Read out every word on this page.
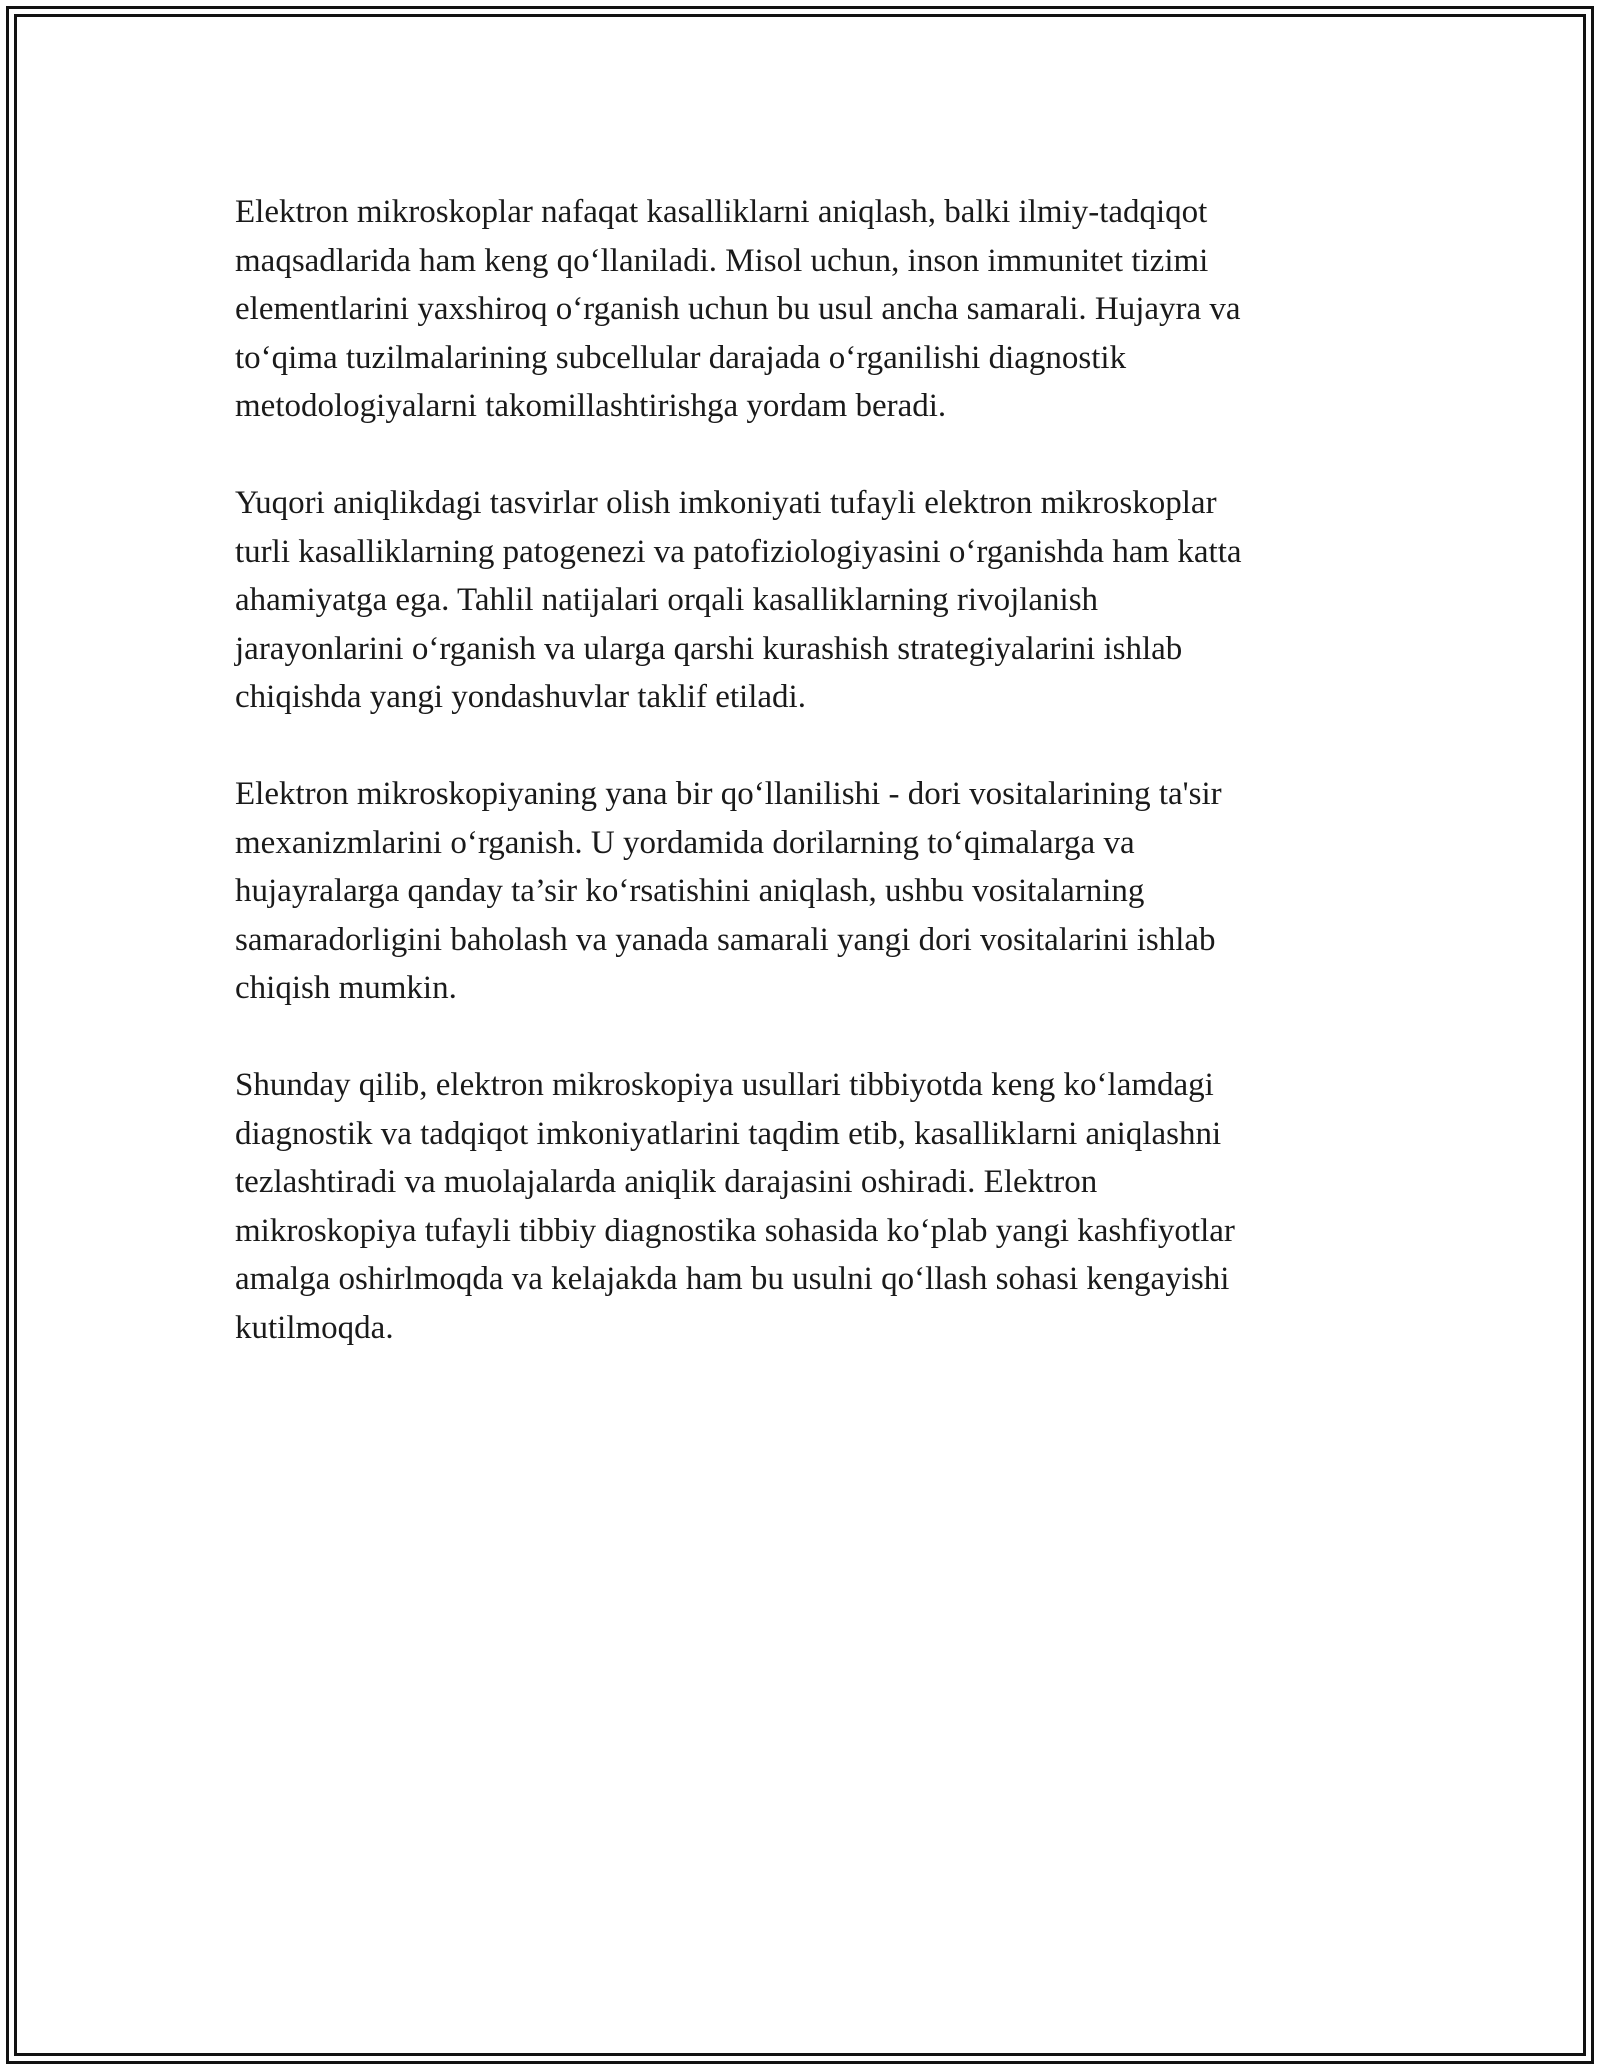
Elektron mikroskoplar nafaqat kasalliklarni aniqlash, balki ilmiy-tadqiqot
maqsadlarida ham keng qo‘llaniladi. Misol uchun, inson immunitet tizimi
elementlarini yaxshiroq o‘rganish uchun bu usul ancha samarali. Hujayra va
to‘qima tuzilmalarining subcellular darajada o‘rganilishi diagnostik
metodologiyalarni takomillashtirishga yordam beradi.

Yuqori aniqlikdagi tasvirlar olish imkoniyati tufayli elektron mikroskoplar
turli kasalliklarning patogenezi va patofiziologiyasini o‘rganishda ham katta
ahamiyatga ega. Tahlil natijalari orqali kasalliklarning rivojlanish
jarayonlarini o‘rganish va ularga qarshi kurashish strategiyalarini ishlab
chiqishda yangi yondashuvlar taklif etiladi.

Elektron mikroskopiyaning yana bir qo‘llanilishi - dori vositalarining ta'sir
mexanizmlarini o‘rganish. U yordamida dorilarning to‘qimalarga va
hujayralarga qanday ta’sir ko‘rsatishini aniqlash, ushbu vositalarning
samaradorligini baholash va yanada samarali yangi dori vositalarini ishlab
chiqish mumkin.

Shunday qilib, elektron mikroskopiya usullari tibbiyotda keng ko‘lamdagi
diagnostik va tadqiqot imkoniyatlarini taqdim etib, kasalliklarni aniqlashni
tezlashtiradi va muolajalarda aniqlik darajasini oshiradi. Elektron
mikroskopiya tufayli tibbiy diagnostika sohasida ko‘plab yangi kashfiyotlar
amalga oshirlmoqda va kelajakda ham bu usulni qo‘llash sohasi kengayishi
kutilmoqda.
